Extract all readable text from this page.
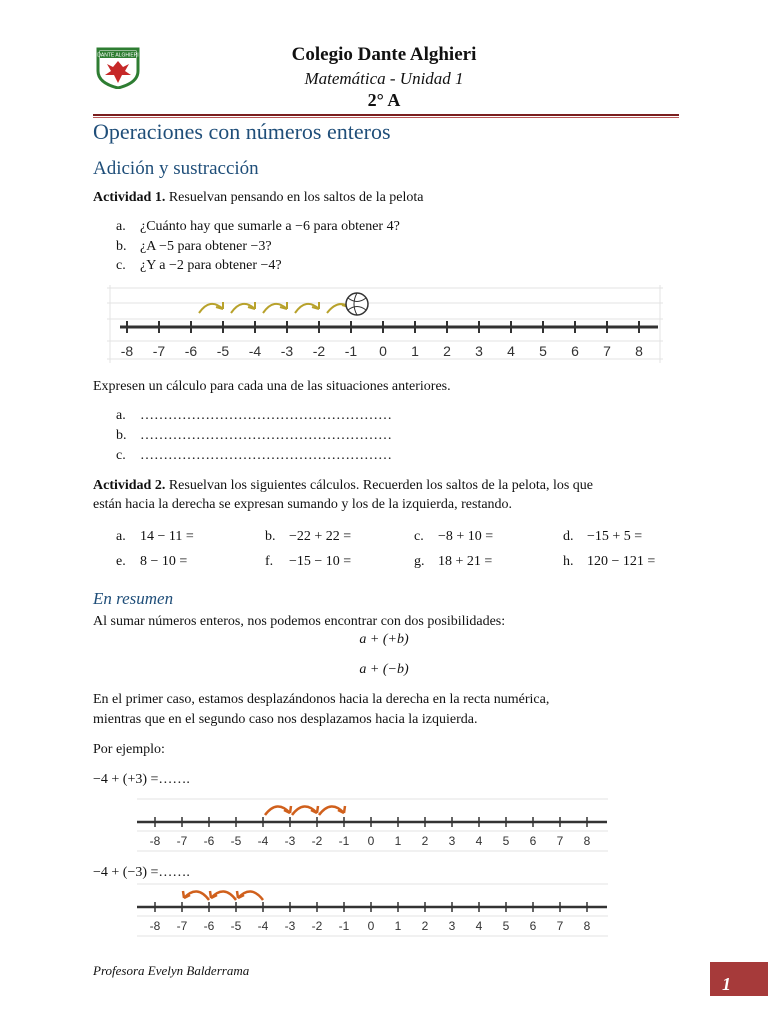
DANTE ALGHIERI	Colegio Dante Alghieri
Matemática - Unidad 1
2° A
Operaciones con números enteros
Adición y sustracción
Actividad 1. Resuelvan pensando en los saltos de la pelota
a. ¿Cuánto hay que sumarle a −6 para obtener 4?
b. ¿A −5 para obtener −3?
c. ¿Y a −2 para obtener −4?
-8 -7 -6 -5 -4 -3 -2 -1 0 1 2 3 4 5 6 7 8
Expresen un cálculo para cada una de las situaciones anteriores.
a. ………………………………………………
b. ………………………………………………
c. ………………………………………………
Actividad 2. Resuelvan los siguientes cálculos. Recuerden los saltos de la pelota, los que
están hacia la derecha se expresan sumando y los de la izquierda, restando.
a. 14 − 11 =	b. −22 + 22 =	c. −8 + 10 =	d. −15 + 5 =
e. 8 − 10 =	f. −15 − 10 =	g. 18 + 21 =	h. 120 − 121 =
En resumen
Al sumar números enteros, nos podemos encontrar con dos posibilidades:
a + (+b)
a + (−b)
En el primer caso, estamos desplazándonos hacia la derecha en la recta numérica,
mientras que en el segundo caso nos desplazamos hacia la izquierda.
Por ejemplo:
−4 + (+3) =…….
-8 -7 -6 -5 -4 -3 -2 -1 0 1 2 3 4 5 6 7 8
−4 + (−3) =…….
-8 -7 -6 -5 -4 -3 -2 -1 0 1 2 3 4 5 6 7 8
Profesora Evelyn Balderrama
1
